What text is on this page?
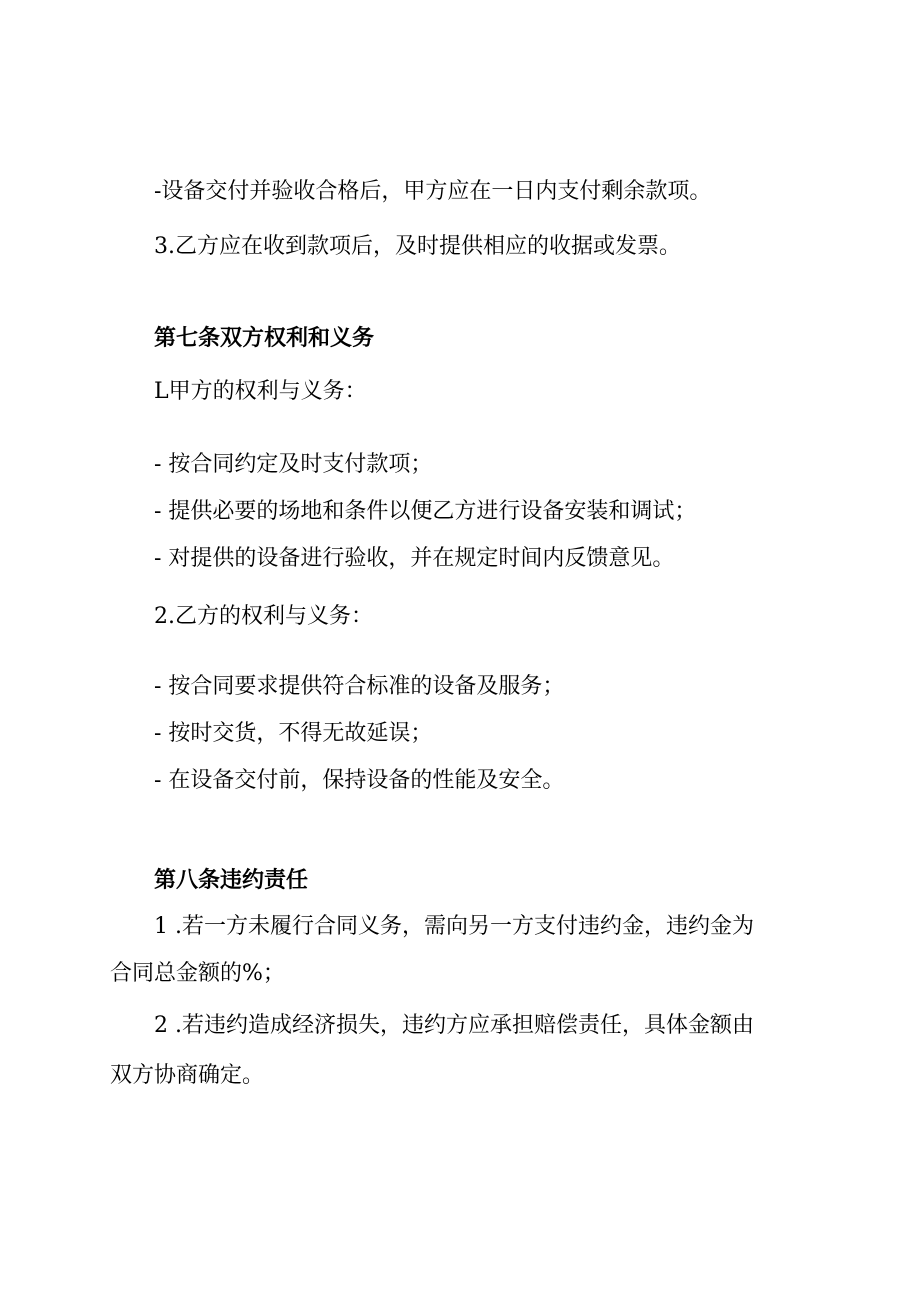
-设备交付并验收合格后，甲方应在一日内支付剩余款项。
3.乙方应在收到款项后，及时提供相应的收据或发票。
第七条双方权利和义务
L甲方的权利与义务：
- 按合同约定及时支付款项；
- 提供必要的场地和条件以便乙方进行设备安装和调试；
- 对提供的设备进行验收，并在规定时间内反馈意见。
2.乙方的权利与义务：
- 按合同要求提供符合标准的设备及服务；
- 按时交货，不得无故延误；
- 在设备交付前，保持设备的性能及安全。
第八条违约责任
1 .若一方未履行合同义务，需向另一方支付违约金，违约金为
合同总金额的%；
2 .若违约造成经济损失，违约方应承担赔偿责任，具体金额由
双方协商确定。
